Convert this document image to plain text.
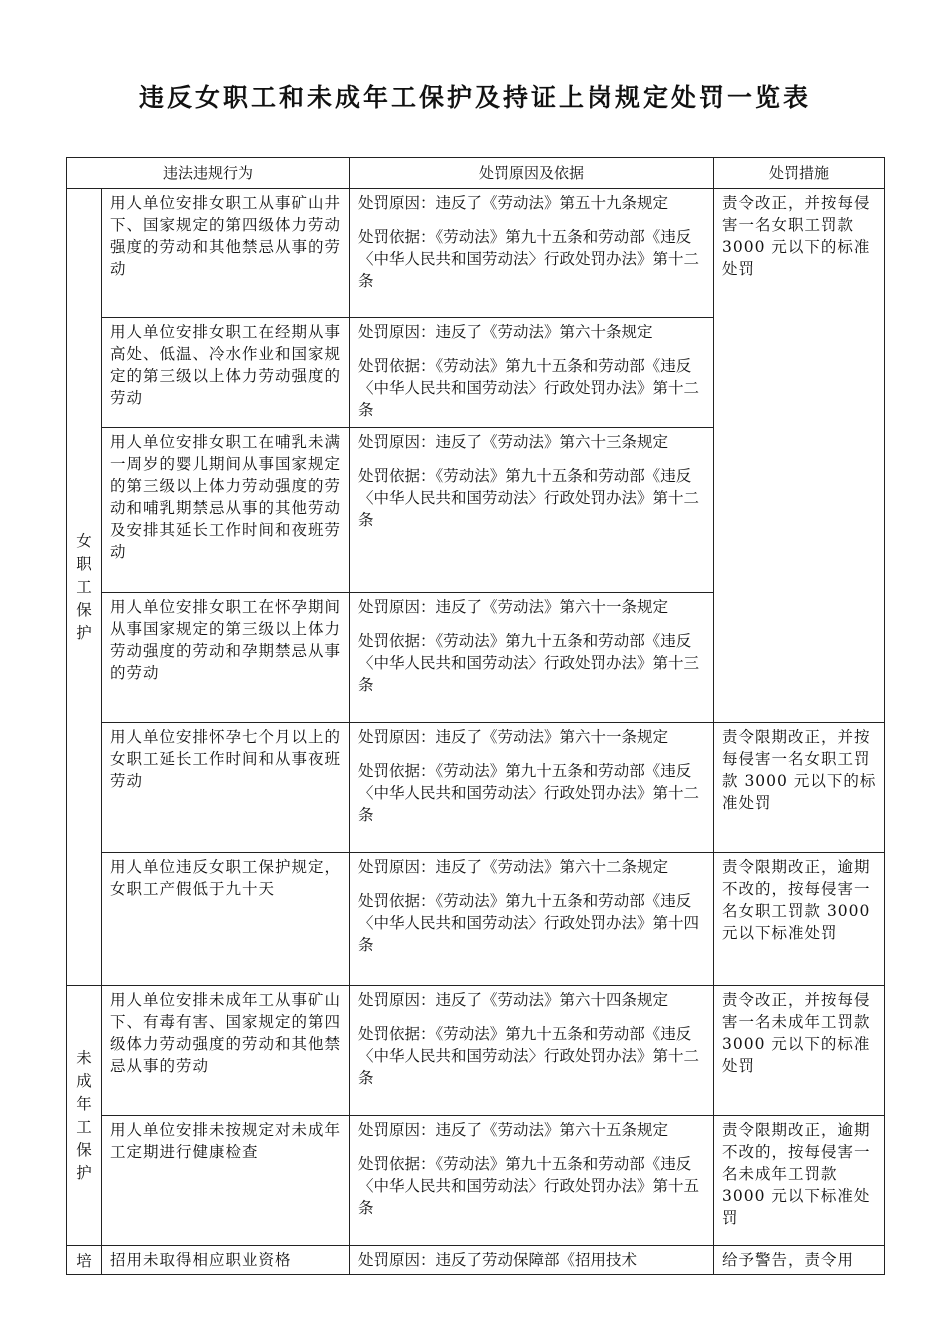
违反女职工和未成年工保护及持证上岗规定处罚一览表
违法违规行为		处罚原因及依据	处罚措施
女职工保护	用人单位安排女职工从事矿山井下、国家规定的第四级体力劳动强度的劳动和其他禁忌从事的劳动	处罚原因：违反了《劳动法》第五十九条规定

处罚依据：《劳动法》第九十五条和劳动部《违反〈中华人民共和国劳动法〉行政处罚办法》第十二条	责令改正，并按每侵害一名女职工罚款 3000 元以下的标准处罚
	用人单位安排女职工在经期从事高处、低温、冷水作业和国家规定的第三级以上体力劳动强度的劳动	处罚原因：违反了《劳动法》第六十条规定

处罚依据：《劳动法》第九十五条和劳动部《违反〈中华人民共和国劳动法〉行政处罚办法》第十二条	

	用人单位安排女职工在哺乳未满一周岁的婴儿期间从事国家规定的第三级以上体力劳动强度的劳动和哺乳期禁忌从事的其他劳动及安排其延长工作时间和夜班劳动	处罚原因：违反了《劳动法》第六十三条规定

处罚依据：《劳动法》第九十五条和劳动部《违反〈中华人民共和国劳动法〉行政处罚办法》第十二条	

	用人单位安排女职工在怀孕期间从事国家规定的第三级以上体力劳动强度的劳动和孕期禁忌从事的劳动	处罚原因：违反了《劳动法》第六十一条规定

处罚依据：《劳动法》第九十五条和劳动部《违反〈中华人民共和国劳动法〉行政处罚办法》第十三条	

	用人单位安排怀孕七个月以上的女职工延长工作时间和从事夜班劳动	处罚原因：违反了《劳动法》第六十一条规定

处罚依据：《劳动法》第九十五条和劳动部《违反〈中华人民共和国劳动法〉行政处罚办法》第十二条	责令限期改正，并按每侵害一名女职工罚款 3000 元以下的标准处罚
	用人单位违反女职工保护规定，女职工产假低于九十天	处罚原因：违反了《劳动法》第六十二条规定

处罚依据：《劳动法》第九十五条和劳动部《违反〈中华人民共和国劳动法〉行政处罚办法》第十四条	责令限期改正，逾期不改的，按每侵害一名女职工罚款 3000 元以下标准处罚
未成年工保护	用人单位安排未成年工从事矿山下、有毒有害、国家规定的第四级体力劳动强度的劳动和其他禁忌从事的劳动	处罚原因：违反了《劳动法》第六十四条规定

处罚依据：《劳动法》第九十五条和劳动部《违反〈中华人民共和国劳动法〉行政处罚办法》第十二条	责令改正，并按每侵害一名未成年工罚款 3000 元以下的标准处罚
	用人单位安排未按规定对未成年工定期进行健康检查	处罚原因：违反了《劳动法》第六十五条规定

处罚依据：《劳动法》第九十五条和劳动部《违反〈中华人民共和国劳动法〉行政处罚办法》第十五条	责令限期改正，逾期不改的，按每侵害一名未成年工罚款 3000 元以下标准处罚

培	招用未取得相应职业资格	处罚原因：违反了劳动保障部《招用技术	给予警告，责令用
